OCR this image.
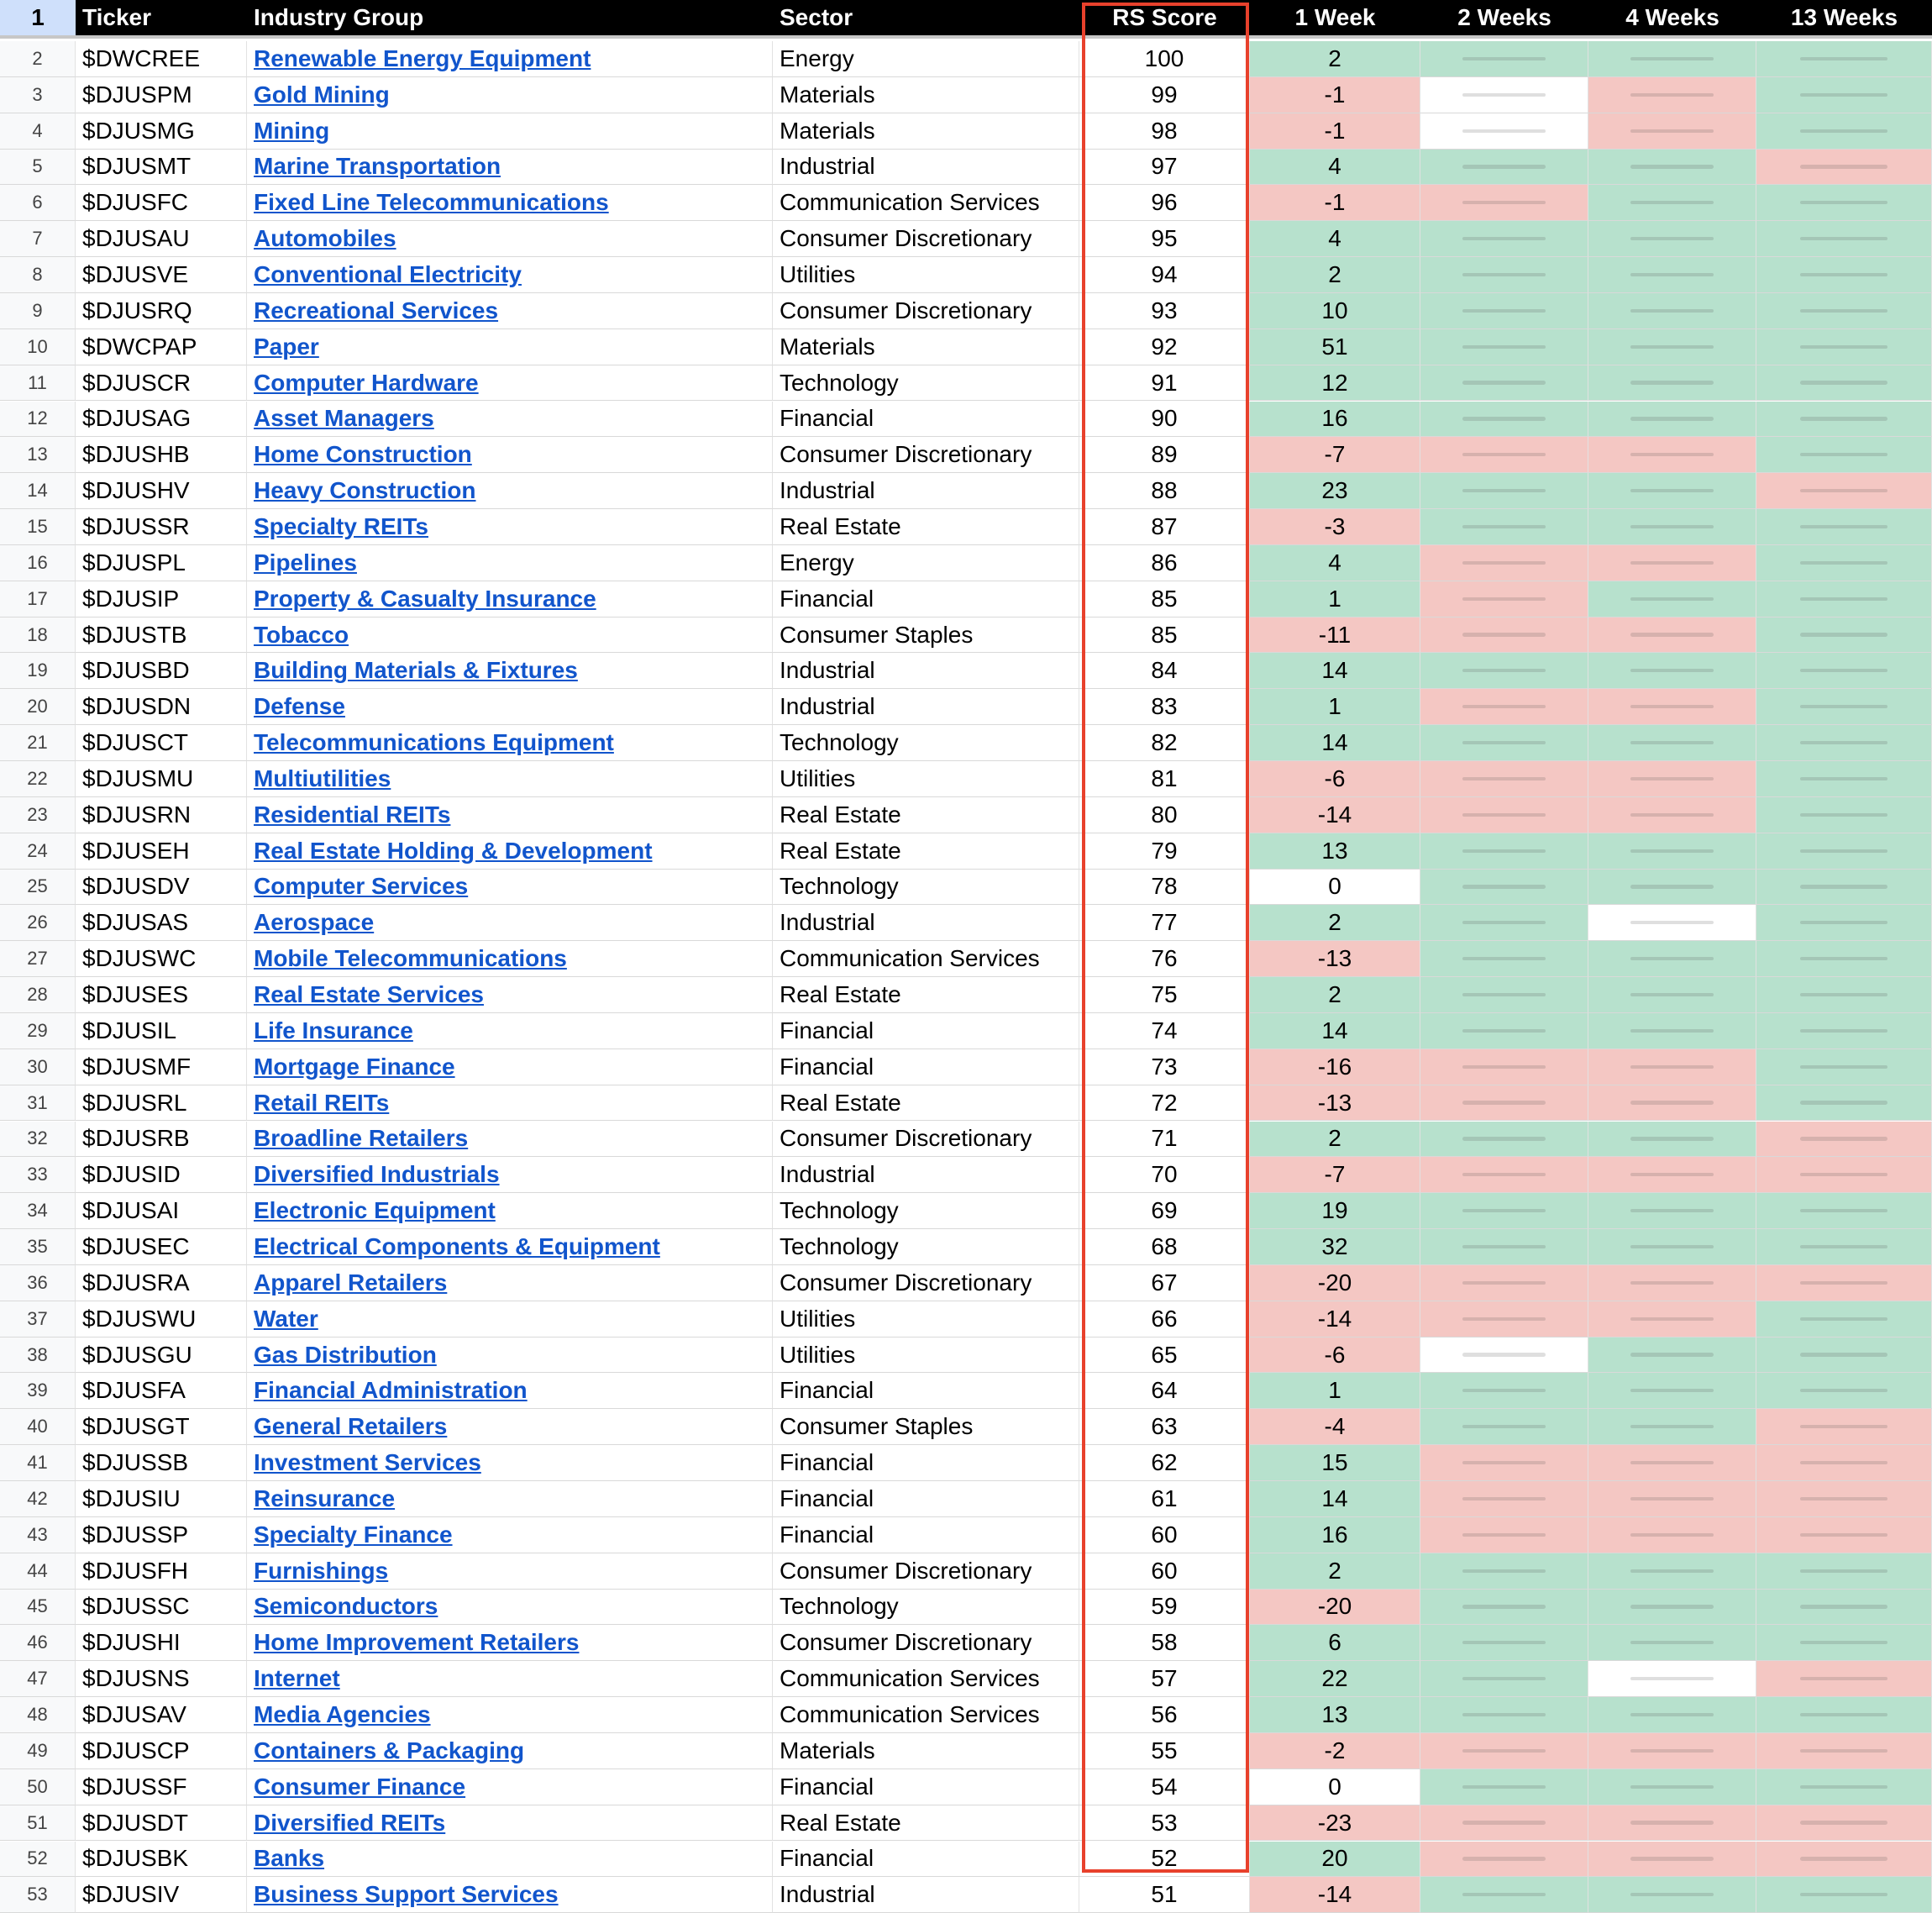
1	Ticker	Industry Group	Sector	RS Score	1 Week	2 Weeks	4 Weeks	13 Weeks
2	$DWCREE	Renewable Energy Equipment	Energy	100	2
3	$DJUSPM	Gold Mining	Materials	99	-1
4	$DJUSMG	Mining	Materials	98	-1
5	$DJUSMT	Marine Transportation	Industrial	97	4
6	$DJUSFC	Fixed Line Telecommunications	Communication Services	96	-1
7	$DJUSAU	Automobiles	Consumer Discretionary	95	4
8	$DJUSVE	Conventional Electricity	Utilities	94	2
9	$DJUSRQ	Recreational Services	Consumer Discretionary	93	10
10	$DWCPAP	Paper	Materials	92	51
11	$DJUSCR	Computer Hardware	Technology	91	12
12	$DJUSAG	Asset Managers	Financial	90	16
13	$DJUSHB	Home Construction	Consumer Discretionary	89	-7
14	$DJUSHV	Heavy Construction	Industrial	88	23
15	$DJUSSR	Specialty REITs	Real Estate	87	-3
16	$DJUSPL	Pipelines	Energy	86	4
17	$DJUSIP	Property & Casualty Insurance	Financial	85	1
18	$DJUSTB	Tobacco	Consumer Staples	85	-11
19	$DJUSBD	Building Materials & Fixtures	Industrial	84	14
20	$DJUSDN	Defense	Industrial	83	1
21	$DJUSCT	Telecommunications Equipment	Technology	82	14
22	$DJUSMU	Multiutilities	Utilities	81	-6
23	$DJUSRN	Residential REITs	Real Estate	80	-14
24	$DJUSEH	Real Estate Holding & Development	Real Estate	79	13
25	$DJUSDV	Computer Services	Technology	78	0
26	$DJUSAS	Aerospace	Industrial	77	2
27	$DJUSWC	Mobile Telecommunications	Communication Services	76	-13
28	$DJUSES	Real Estate Services	Real Estate	75	2
29	$DJUSIL	Life Insurance	Financial	74	14
30	$DJUSMF	Mortgage Finance	Financial	73	-16
31	$DJUSRL	Retail REITs	Real Estate	72	-13
32	$DJUSRB	Broadline Retailers	Consumer Discretionary	71	2
33	$DJUSID	Diversified Industrials	Industrial	70	-7
34	$DJUSAI	Electronic Equipment	Technology	69	19
35	$DJUSEC	Electrical Components & Equipment	Technology	68	32
36	$DJUSRA	Apparel Retailers	Consumer Discretionary	67	-20
37	$DJUSWU	Water	Utilities	66	-14
38	$DJUSGU	Gas Distribution	Utilities	65	-6
39	$DJUSFA	Financial Administration	Financial	64	1
40	$DJUSGT	General Retailers	Consumer Staples	63	-4
41	$DJUSSB	Investment Services	Financial	62	15
42	$DJUSIU	Reinsurance	Financial	61	14
43	$DJUSSP	Specialty Finance	Financial	60	16
44	$DJUSFH	Furnishings	Consumer Discretionary	60	2
45	$DJUSSC	Semiconductors	Technology	59	-20
46	$DJUSHI	Home Improvement Retailers	Consumer Discretionary	58	6
47	$DJUSNS	Internet	Communication Services	57	22
48	$DJUSAV	Media Agencies	Communication Services	56	13
49	$DJUSCP	Containers & Packaging	Materials	55	-2
50	$DJUSSF	Consumer Finance	Financial	54	0
51	$DJUSDT	Diversified REITs	Real Estate	53	-23
52	$DJUSBK	Banks	Financial	52	20
53	$DJUSIV	Business Support Services	Industrial	51	-14
